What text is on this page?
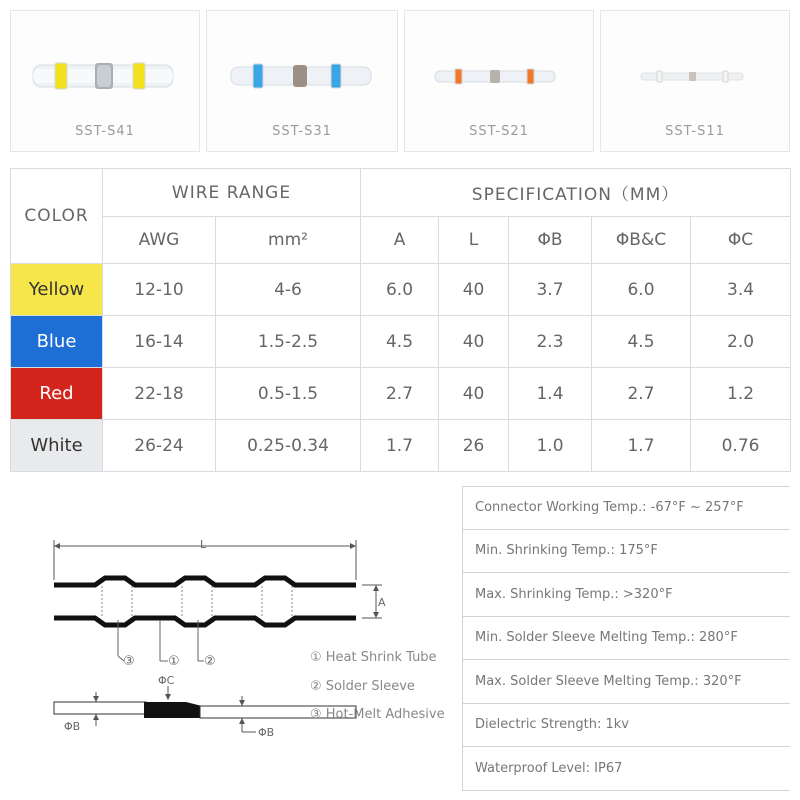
SST-S41	SST-S31	SST-S21	SST-S11
COLOR	WIRE RANGE		SPECIFICATION（MM）				
	AWG	mm²	A	L	ΦB	ΦB&C	ΦC
Yellow	12-10	4-6	6.0	40	3.7	6.0	3.4
Blue	16-14	1.5-2.5	4.5	40	2.3	4.5	2.0
Red	22-18	0.5-1.5	2.7	40	1.4	2.7	1.2
White	26-24	0.25-0.34	1.7	26	1.0	1.7	0.76
L
A
③	① ②
ΦC
ΦB	ΦB
① Heat Shrink Tube
② Solder Sleeve
③ Hot-Melt Adhesive
Connector Working Temp.: -67°F ~ 257°F
Min. Shrinking Temp.: 175°F
Max. Shrinking Temp.: >320°F
Min. Solder Sleeve Melting Temp.: 280°F
Max. Solder Sleeve Melting Temp.: 320°F
Dielectric Strength: 1kv
Waterproof Level: IP67
